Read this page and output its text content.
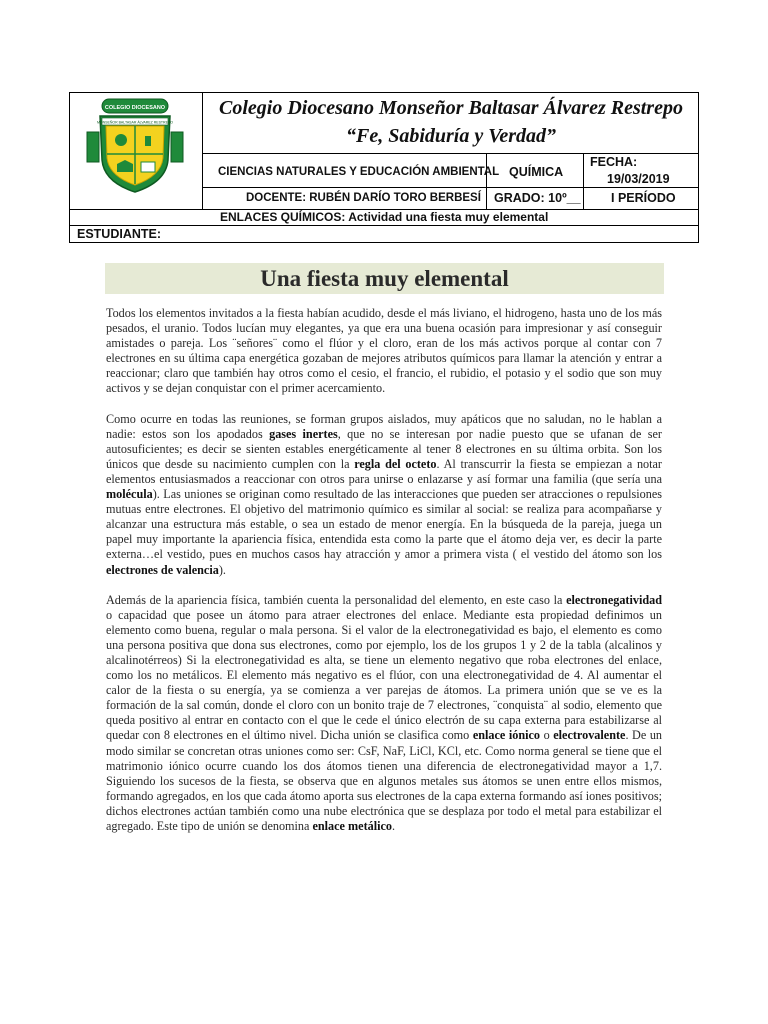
COLEGIO DIOCESANO
MONSEÑOR BALTASAR ÁLVAREZ RESTREPO
Colegio Diocesano Monseñor Baltasar Álvarez Restrepo
“Fe, Sabiduría y Verdad”
CIENCIAS NATURALES Y EDUCACIÓN AMBIENTAL QUÍMICA
FECHA:
19/03/2019
DOCENTE: RUBÉN DARÍO TORO BERBESÍ GRADO: 10º__ I PERÍODO
ENLACES QUÍMICOS: Actividad una fiesta muy elemental
ESTUDIANTE:
Una fiesta muy elemental

Todos los elementos invitados a la fiesta habían acudido, desde el más liviano, el hidrogeno, hasta uno de los más pesados, el uranio. Todos lucían muy elegantes, ya que era una buena ocasión para impresionar y así conseguir amistades o pareja. Los ¨señores¨ como el flúor y el cloro, eran de los más activos porque al contar con 7 electrones en su última capa energética gozaban de mejores atributos químicos para llamar la atención y entrar a reaccionar; claro que también hay otros como el cesio, el francio, el rubidio, el potasio y el sodio que son muy activos y se dejan conquistar con el primer acercamiento.

Como ocurre en todas las reuniones, se forman grupos aislados, muy apáticos que no saludan, no le hablan a nadie: estos son los apodados gases inertes, que no se interesan por nadie puesto que se ufanan de ser autosuficientes; es decir se sienten estables energéticamente al tener 8 electrones en su última orbita. Son los únicos que desde su nacimiento cumplen con la regla del octeto. Al transcurrir la fiesta se empiezan a notar elementos entusiasmados a reaccionar con otros para unirse o enlazarse y así formar una familia (que sería una molécula). Las uniones se originan como resultado de las interacciones que pueden ser atracciones o repulsiones mutuas entre electrones. El objetivo del matrimonio químico es similar al social: se realiza para acompañarse y alcanzar una estructura más estable, o sea un estado de menor energía. En la búsqueda de la pareja, juega un papel muy importante la apariencia física, entendida esta como la parte que el átomo deja ver, es decir la parte externa…el vestido, pues en muchos casos hay atracción y amor a primera vista ( el vestido del átomo son los electrones de valencia).

Además de la apariencia física, también cuenta la personalidad del elemento, en este caso la electronegatividad o capacidad que posee un átomo para atraer electrones del enlace. Mediante esta propiedad definimos un elemento como buena, regular o mala persona. Si el valor de la electronegatividad es bajo, el elemento es como una persona positiva que dona sus electrones, como por ejemplo, los de los grupos 1 y 2 de la tabla (alcalinos y alcalinotérreos) Si la electronegatividad es alta, se tiene un elemento negativo que roba electrones del enlace, como los no metálicos. El elemento más negativo es el flúor, con una electronegatividad de 4. Al aumentar el calor de la fiesta o su energía, ya se comienza a ver parejas de átomos. La primera unión que se ve es la formación de la sal común, donde el cloro con un bonito traje de 7 electrones, ¨conquista¨ al sodio, elemento que queda positivo al entrar en contacto con el que le cede el único electrón de su capa externa para estabilizarse al quedar con 8 electrones en el último nivel. Dicha unión se clasifica como enlace iónico o electrovalente. De un modo similar se concretan otras uniones como ser: CsF, NaF, LiCl, KCl, etc. Como norma general se tiene que el matrimonio iónico ocurre cuando los dos átomos tienen una diferencia de electronegatividad mayor a 1,7. Siguiendo los sucesos de la fiesta, se observa que en algunos metales sus átomos se unen entre ellos mismos, formando agregados, en los que cada átomo aporta sus electrones de la capa externa formando así iones positivos; dichos electrones actúan también como una nube electrónica que se desplaza por todo el metal para estabilizar el agregado. Este tipo de unión se denomina enlace metálico.
